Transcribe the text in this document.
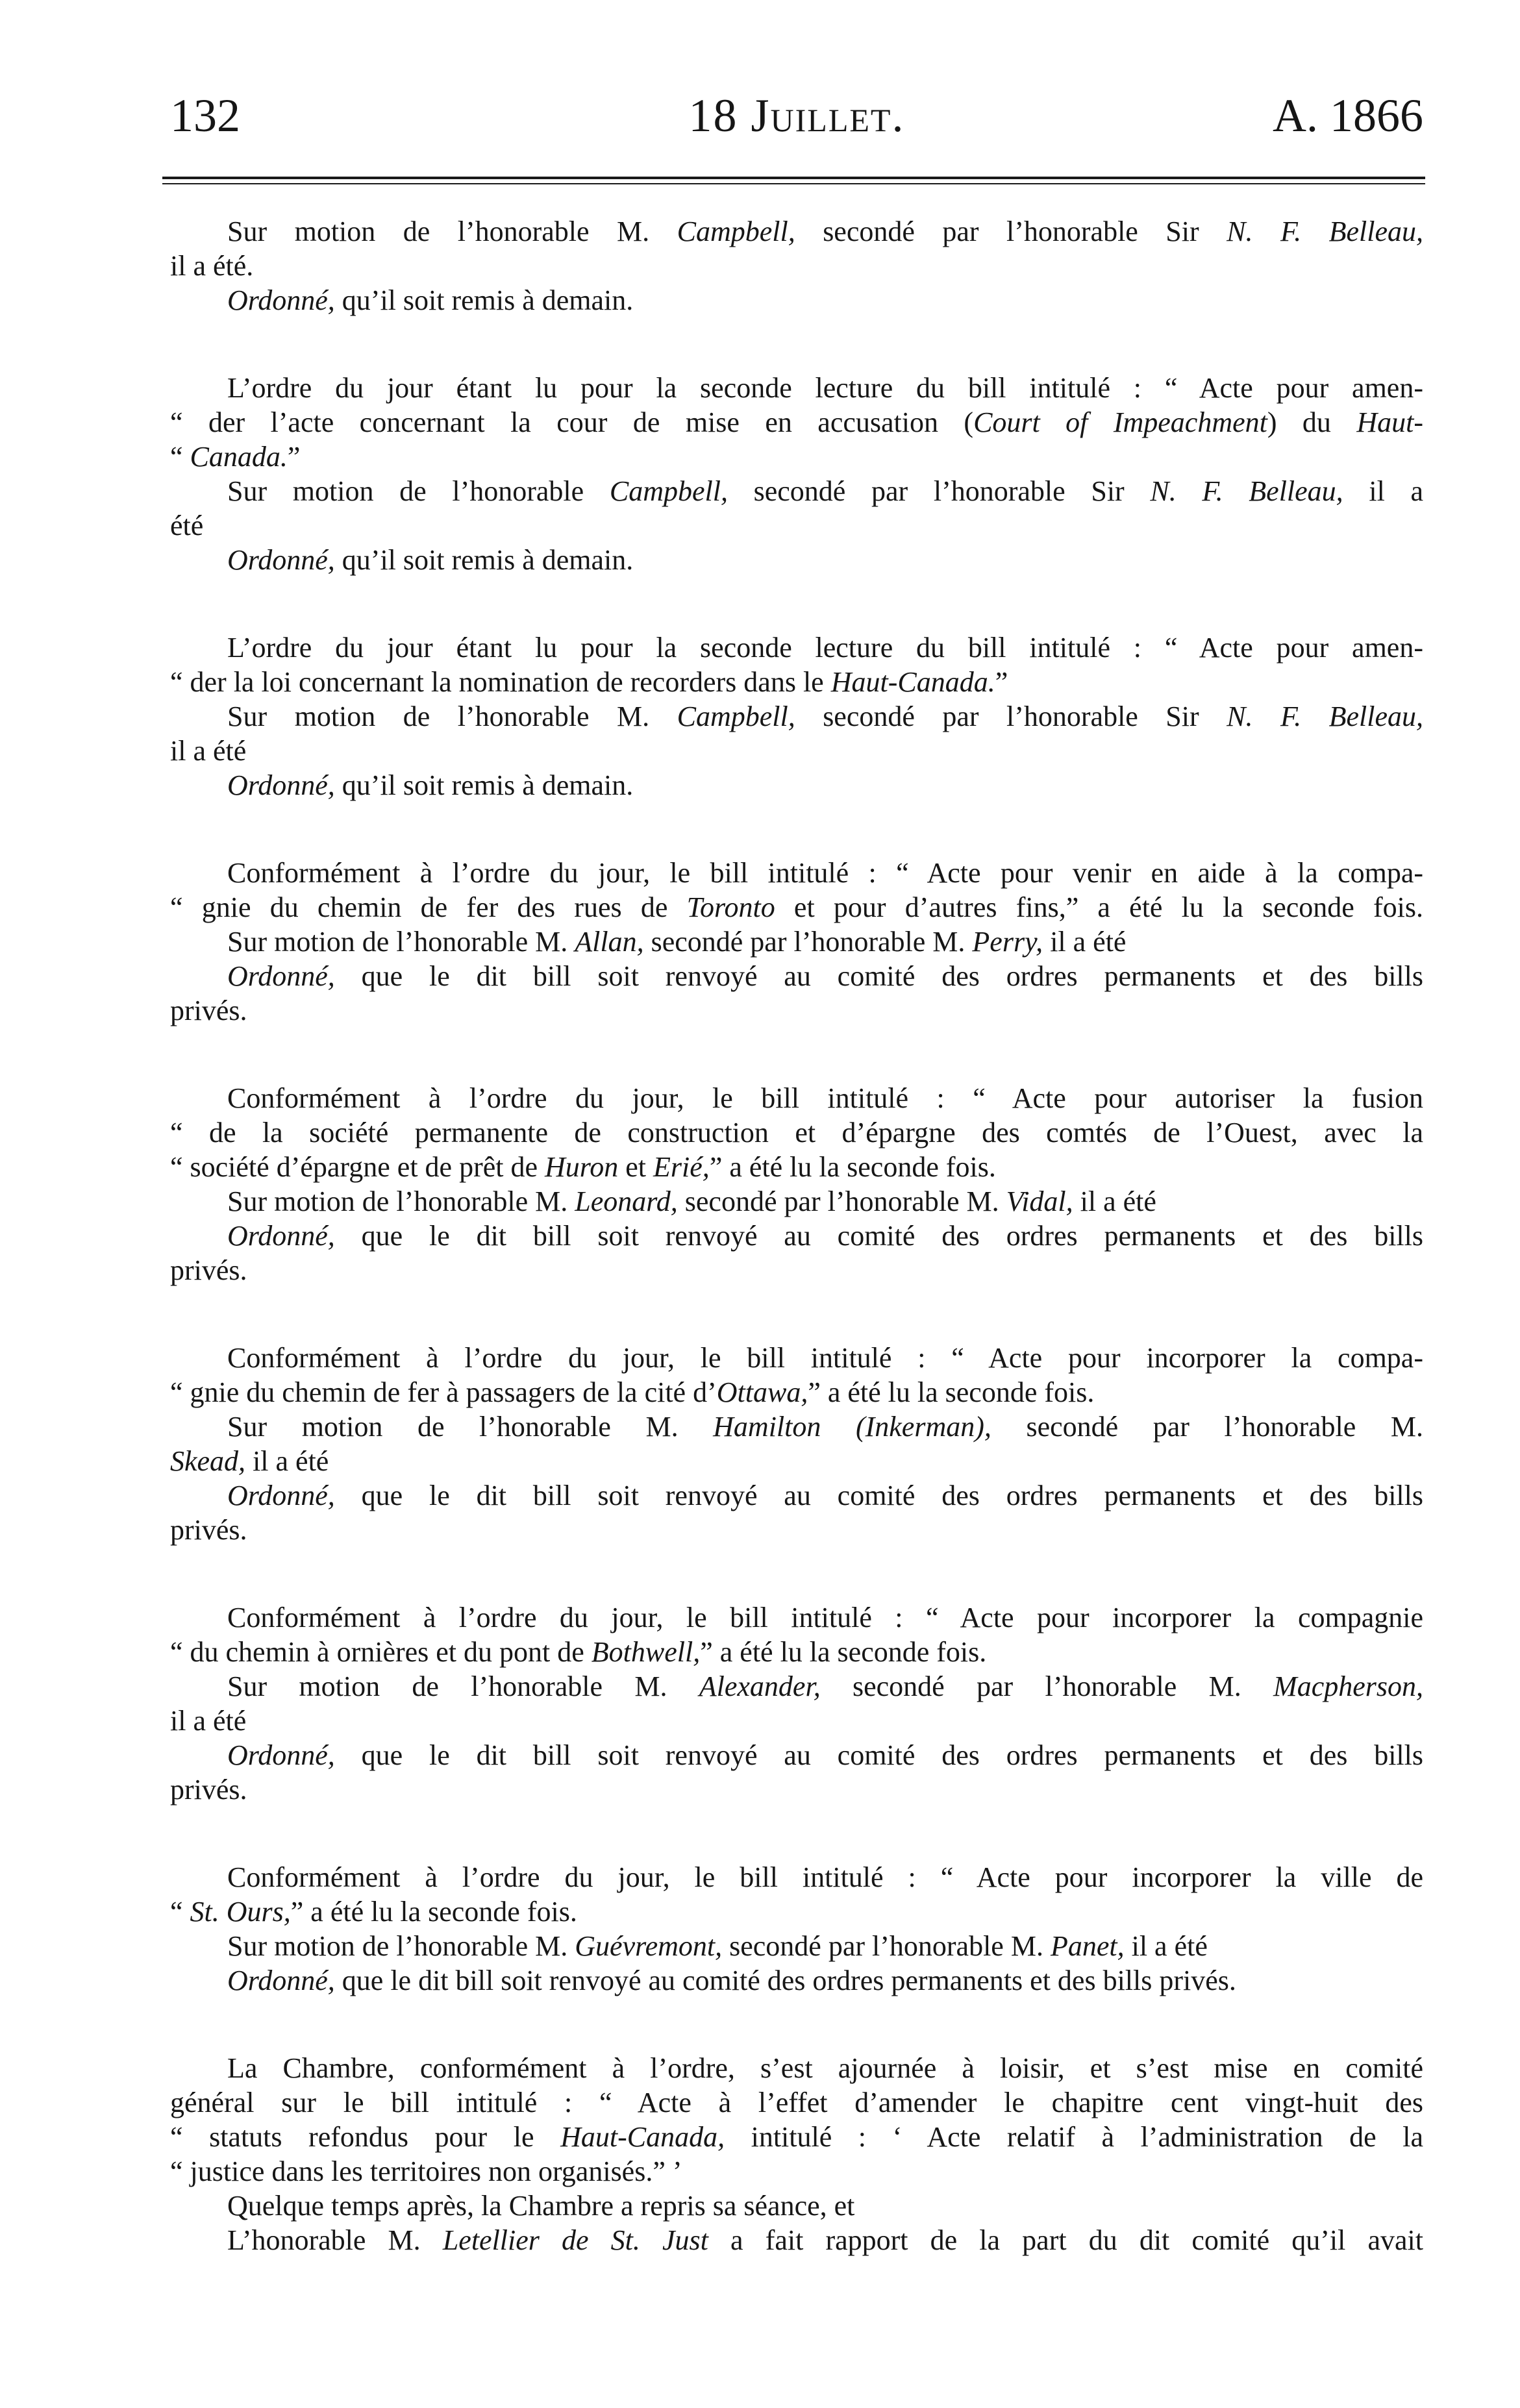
132	18 Juillet.	A. 1866
Sur motion de l’honorable M. Campbell, secondé par l’honorable Sir N. F. Belleau,
il a été.
Ordonné, qu’il soit remis à demain.
L’ordre du jour étant lu pour la seconde lecture du bill intitulé : “ Acte pour amen-
“ der l’acte concernant la cour de mise en accusation (Court of Impeachment) du Haut-
“ Canada.”
Sur motion de l’honorable Campbell, secondé par l’honorable Sir N. F. Belleau, il a
été
Ordonné, qu’il soit remis à demain.
L’ordre du jour étant lu pour la seconde lecture du bill intitulé : “ Acte pour amen-
“ der la loi concernant la nomination de recorders dans le Haut-Canada.”
Sur motion de l’honorable M. Campbell, secondé par l’honorable Sir N. F. Belleau,
il a été
Ordonné, qu’il soit remis à demain.
Conformément à l’ordre du jour, le bill intitulé : “ Acte pour venir en aide à la compa-
“ gnie du chemin de fer des rues de Toronto et pour d’autres fins,” a été lu la seconde fois.
Sur motion de l’honorable M. Allan, secondé par l’honorable M. Perry, il a été
Ordonné, que le dit bill soit renvoyé au comité des ordres permanents et des bills
privés.
Conformément à l’ordre du jour, le bill intitulé : “ Acte pour autoriser la fusion
“ de la société permanente de construction et d’épargne des comtés de l’Ouest, avec la
“ société d’épargne et de prêt de Huron et Erié,” a été lu la seconde fois.
Sur motion de l’honorable M. Leonard, secondé par l’honorable M. Vidal, il a été
Ordonné, que le dit bill soit renvoyé au comité des ordres permanents et des bills
privés.
Conformément à l’ordre du jour, le bill intitulé : “ Acte pour incorporer la compa-
“ gnie du chemin de fer à passagers de la cité d’Ottawa,” a été lu la seconde fois.
Sur motion de l’honorable M. Hamilton (Inkerman), secondé par l’honorable M.
Skead, il a été
Ordonné, que le dit bill soit renvoyé au comité des ordres permanents et des bills
privés.
Conformément à l’ordre du jour, le bill intitulé : “ Acte pour incorporer la compagnie
“ du chemin à ornières et du pont de Bothwell,” a été lu la seconde fois.
Sur motion de l’honorable M. Alexander, secondé par l’honorable M. Macpherson,
il a été
Ordonné, que le dit bill soit renvoyé au comité des ordres permanents et des bills
privés.
Conformément à l’ordre du jour, le bill intitulé : “ Acte pour incorporer la ville de
“ St. Ours,” a été lu la seconde fois.
Sur motion de l’honorable M. Guévremont, secondé par l’honorable M. Panet, il a été
Ordonné, que le dit bill soit renvoyé au comité des ordres permanents et des bills privés.
La Chambre, conformément à l’ordre, s’est ajournée à loisir, et s’est mise en comité
général sur le bill intitulé : “ Acte à l’effet d’amender le chapitre cent vingt-huit des
“ statuts refondus pour le Haut-Canada, intitulé : ‘ Acte relatif à l’administration de la
“ justice dans les territoires non organisés.” ’
Quelque temps après, la Chambre a repris sa séance, et
L’honorable M. Letellier de St. Just a fait rapport de la part du dit comité qu’il avait
